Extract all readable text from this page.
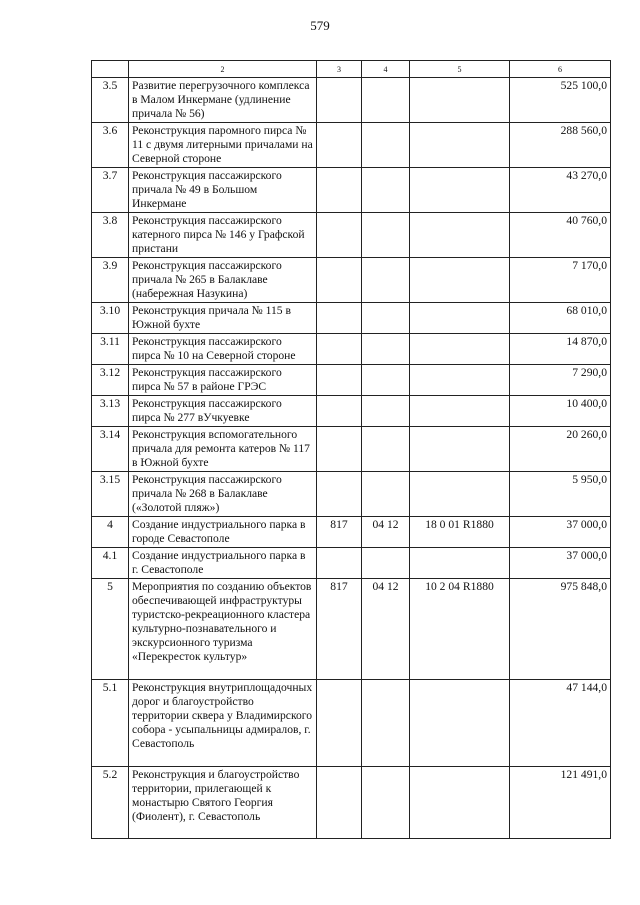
579
	2	3	4	5	6
3.5	Развитие перегрузочного комплекса в Малом Инкермане (удлинение причала № 56)				525 100,0
3.6	Реконструкция паромного пирса № 11 с двумя литерными причалами на Северной стороне				288 560,0
3.7	Реконструкция пассажирского причала № 49 в Большом Инкермане				43 270,0
3.8	Реконструкция пассажирского катерного пирса № 146 у Графской пристани				40 760,0
3.9	Реконструкция пассажирского причала № 265 в Балаклаве (набережная Назукина)				7 170,0
3.10	Реконструкция причала № 115 в Южной бухте				68 010,0
3.11	Реконструкция пассажирского пирса № 10 на Северной стороне				14 870,0
3.12	Реконструкция пассажирского пирса № 57 в районе ГРЭС				7 290,0
3.13	Реконструкция пассажирского пирса № 277 вУчкуевке				10 400,0
3.14	Реконструкция вспомогательного причала для ремонта катеров № 117 в Южной бухте				20 260,0
3.15	Реконструкция пассажирского причала № 268 в Балаклаве («Золотой пляж»)				5 950,0
4	Создание индустриального парка в городе Севастополе	817	04 12	18 0 01 R1880	37 000,0
4.1	Создание индустриального парка в г. Севастополе				37 000,0
5	Мероприятия по созданию объектов обеспечивающей инфраструктуры туристско-рекреационного кластера культурно-познавательного и экскурсионного туризма «Перекресток культур»	817	04 12	10 2 04 R1880	975 848,0
5.1	Реконструкция внутриплощадочных дорог и благоустройство территории сквера у Владимирского собора - усыпальницы адмиралов, г. Севастополь				47 144,0
5.2	Реконструкция и благоустройство территории, прилегающей к монастырю Святого Георгия (Фиолент), г. Севастополь				121 491,0
